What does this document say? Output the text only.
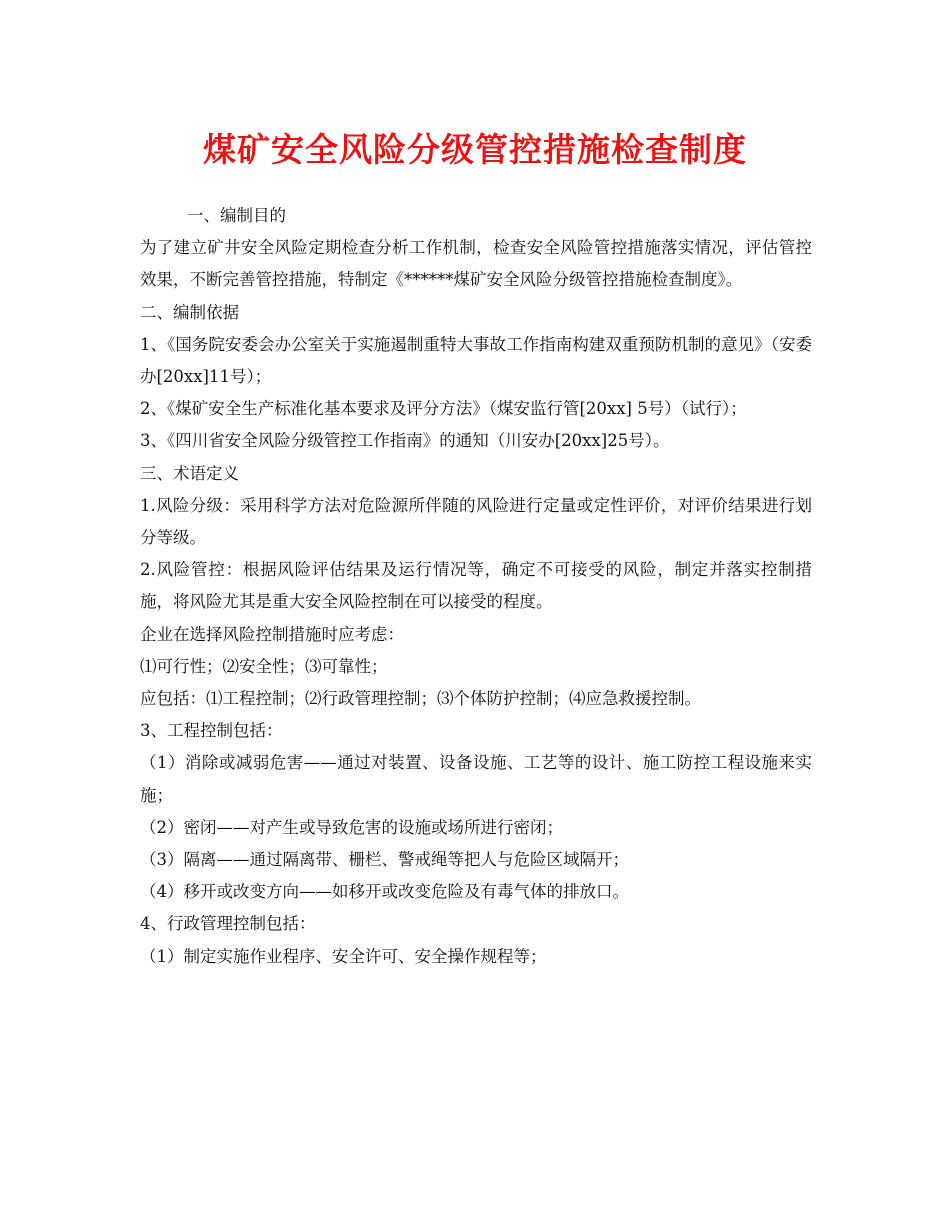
煤矿安全风险分级管控措施检查制度

一、编制目的

为了建立矿井安全风险定期检查分析工作机制，检查安全风险管控措施落实情况，评估管控效果，不断完善管控措施，特制定《******煤矿安全风险分级管控措施检查制度》。

二、编制依据

1、《国务院安委会办公室关于实施遏制重特大事故工作指南构建双重预防机制的意见》（安委办[20xx]11号）；

2、《煤矿安全生产标准化基本要求及评分方法》（煤安监行管[20xx] 5号）（试行）；

3、《四川省安全风险分级管控工作指南》的通知（川安办[20xx]25号）。

三、术语定义

1.风险分级：采用科学方法对危险源所伴随的风险进行定量或定性评价，对评价结果进行划分等级。

2.风险管控：根据风险评估结果及运行情况等，确定不可接受的风险，制定并落实控制措施，将风险尤其是重大安全风险控制在可以接受的程度。

企业在选择风险控制措施时应考虑：

⑴可行性；⑵安全性；⑶可靠性；

应包括：⑴工程控制；⑵行政管理控制；⑶个体防护控制；⑷应急救援控制。

3、工程控制包括：

（1）消除或减弱危害——通过对装置、设备设施、工艺等的设计、施工防控工程设施来实施；

（2）密闭——对产生或导致危害的设施或场所进行密闭；

（3）隔离——通过隔离带、栅栏、警戒绳等把人与危险区域隔开；

（4）移开或改变方向——如移开或改变危险及有毒气体的排放口。

4、行政管理控制包括：

（1）制定实施作业程序、安全许可、安全操作规程等；
